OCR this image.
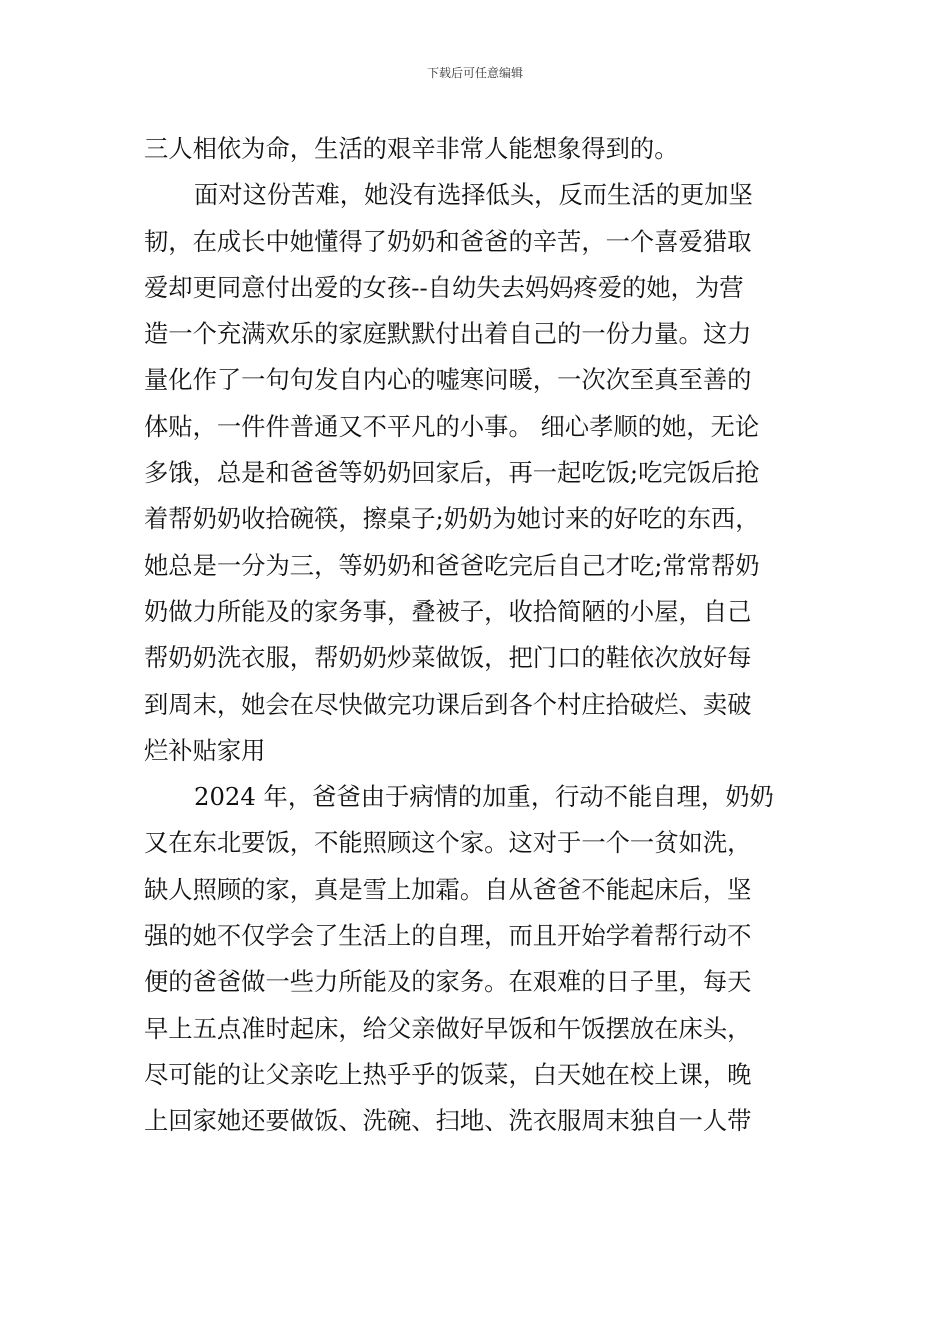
下载后可任意编辑
三人相依为命，生活的艰辛非常人能想象得到的。
面对这份苦难，她没有选择低头，反而生活的更加坚
韧，在成长中她懂得了奶奶和爸爸的辛苦，一个喜爱猎取
爱却更同意付出爱的女孩--自幼失去妈妈疼爱的她，为营
造一个充满欢乐的家庭默默付出着自己的一份力量。这力
量化作了一句句发自内心的嘘寒问暖，一次次至真至善的
体贴，一件件普通又不平凡的小事。 细心孝顺的她，无论
多饿，总是和爸爸等奶奶回家后，再一起吃饭;吃完饭后抢
着帮奶奶收拾碗筷，擦桌子;奶奶为她讨来的好吃的东西，
她总是一分为三，等奶奶和爸爸吃完后自己才吃;常常帮奶
奶做力所能及的家务事，叠被子，收拾简陋的小屋，自己
帮奶奶洗衣服，帮奶奶炒菜做饭，把门口的鞋依次放好每
到周末，她会在尽快做完功课后到各个村庄拾破烂、卖破
烂补贴家用
2024 年，爸爸由于病情的加重，行动不能自理，奶奶
又在东北要饭，不能照顾这个家。这对于一个一贫如洗，
缺人照顾的家，真是雪上加霜。自从爸爸不能起床后，坚
强的她不仅学会了生活上的自理，而且开始学着帮行动不
便的爸爸做一些力所能及的家务。在艰难的日子里，每天
早上五点准时起床，给父亲做好早饭和午饭摆放在床头，
尽可能的让父亲吃上热乎乎的饭菜，白天她在校上课，晚
上回家她还要做饭、洗碗、扫地、洗衣服周末独自一人带
